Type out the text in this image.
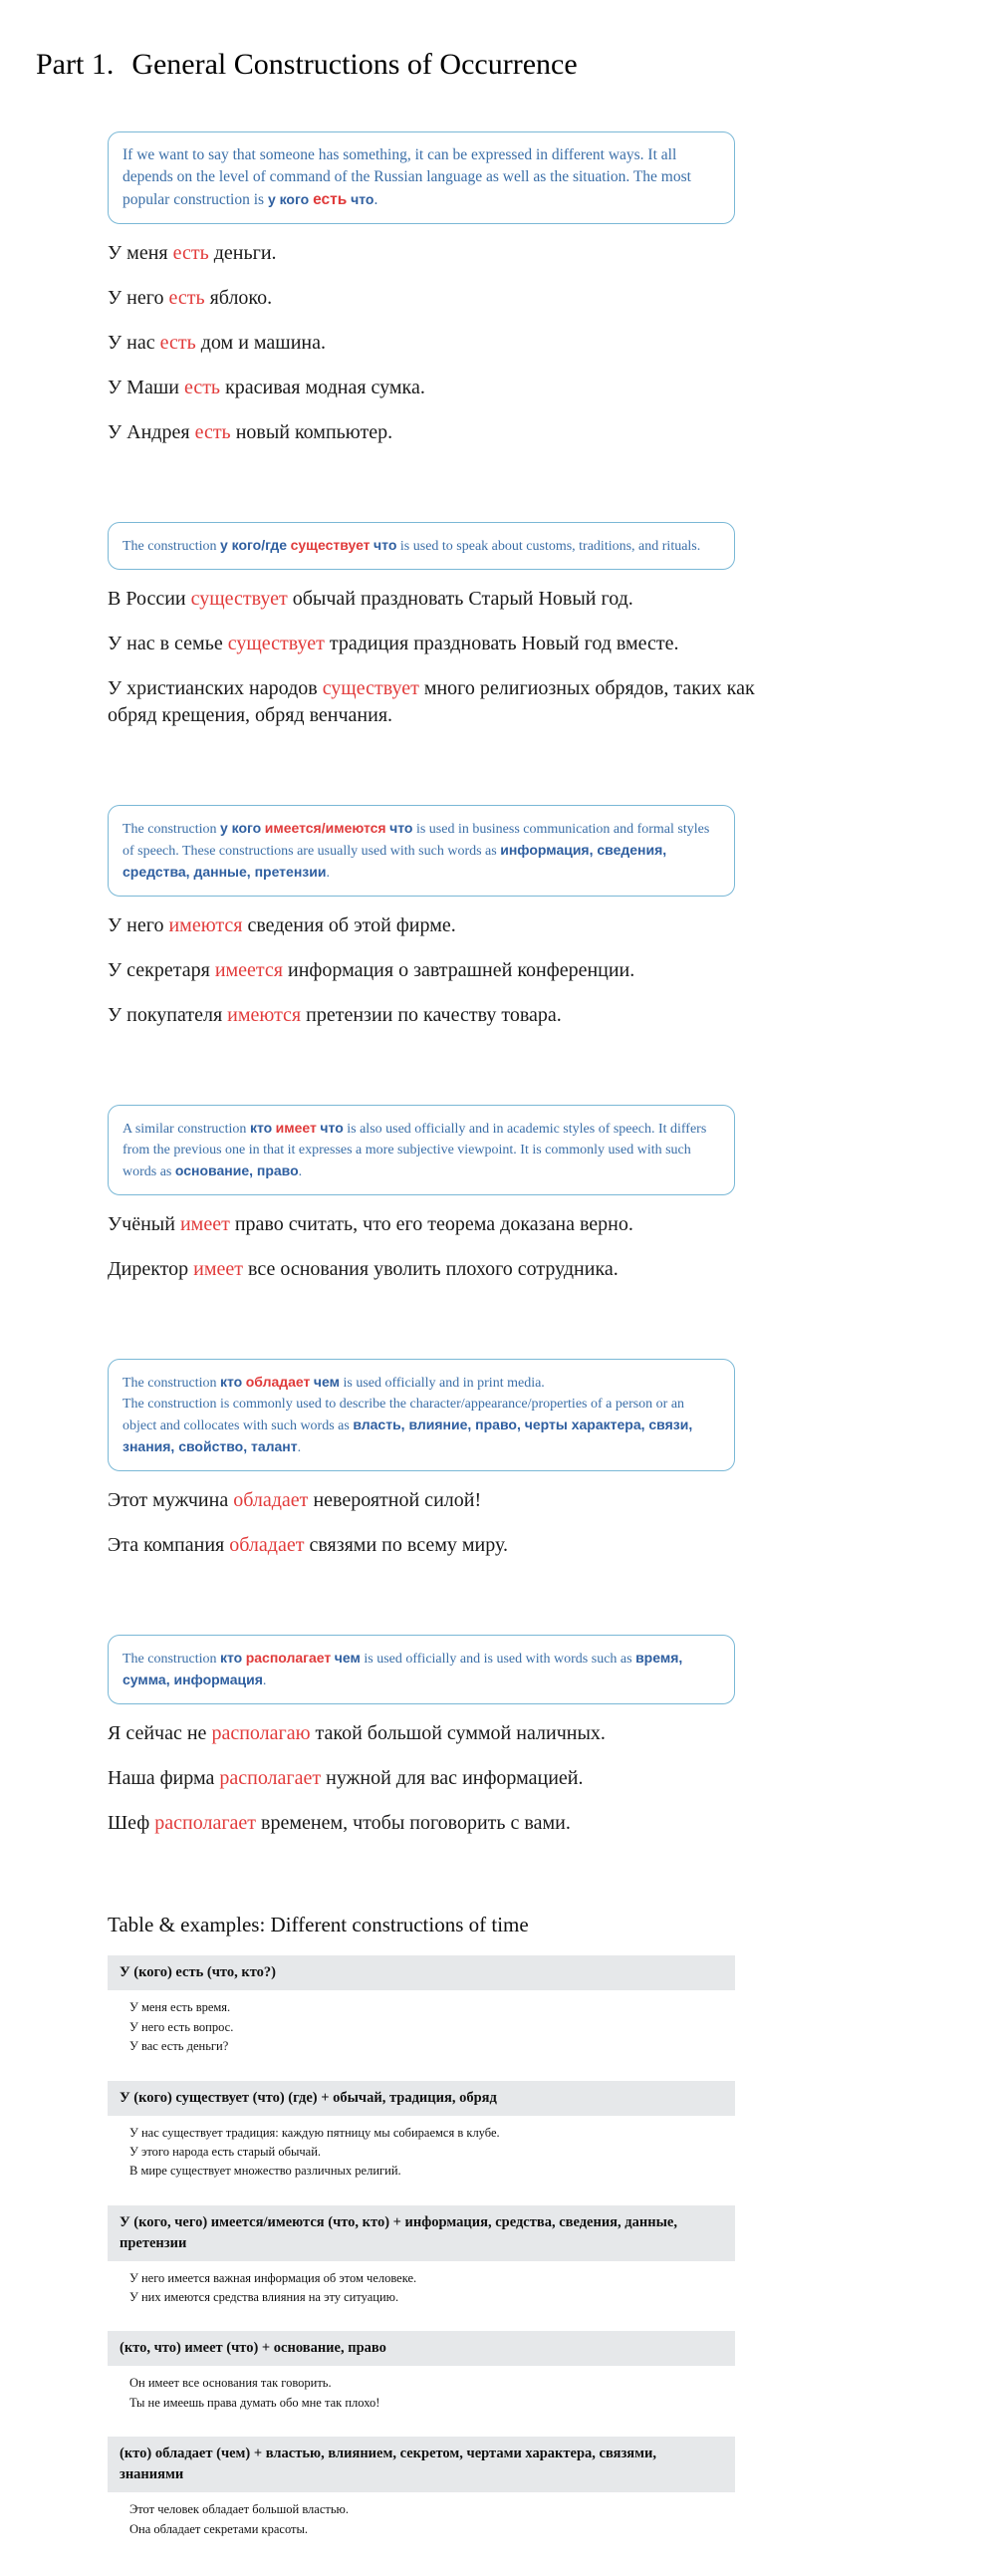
Part 1. General Constructions of Occurrence

If we want to say that someone has something, it can be expressed in different ways. It all depends on the level of command of the Russian language as well as the situation. The most popular construction is у кого есть что.
У меня есть деньги.
У него есть яблоко.
У нас есть дом и машина.
У Маши есть красивая модная сумка.
У Андрея есть новый компьютер.
The construction у кого/где существует что is used to speak about customs, traditions, and rituals.
В России существует обычай праздновать Старый Новый год.
У нас в семье существует традиция праздновать Новый год вместе.
У христианских народов существует много религиозных обрядов, таких как обряд крещения, обряд венчания.
The construction у кого имеется/имеются что is used in business communication and formal styles of speech. These constructions are usually used with such words as информация, сведения, средства, данные, претензии.
У него имеются сведения об этой фирме.
У секретаря имеется информация о завтрашней конференции.
У покупателя имеются претензии по качеству товара.
A similar construction кто имеет что is also used officially and in academic styles of speech. It differs from the previous one in that it expresses a more subjective viewpoint. It is commonly used with such words as основание, право.
Учёный имеет право считать, что его теорема доказана верно.
Директор имеет все основания уволить плохого сотрудника.
The construction кто обладает чем is used officially and in print media.
The construction is commonly used to describe the character/appearance/properties of a person or an object and collocates with such words as власть, влияние, право, черты характера, связи, знания, свойство, талант.
Этот мужчина обладает невероятной силой!
Эта компания обладает связями по всему миру.
The construction кто располагает чем is used officially and is used with words such as время, сумма, информация.
Я сейчас не располагаю такой большой суммой наличных.
Наша фирма располагает нужной для вас информацией.
Шеф располагает временем, чтобы поговорить с вами.
Table & examples: Different constructions of time
У (кого) есть (что, кто?)
У меня есть время.
У него есть вопрос.
У вас есть деньги?
У (кого) существует (что) (где) + обычай, традиция, обряд
У нас существует традиция: каждую пятницу мы собираемся в клубе.
У этого народа есть старый обычай.
В мире существует множество различных религий.
У (кого, чего) имеется/имеются (что, кто) + информация, средства, сведения, данные, претензии
У него имеется важная информация об этом человеке.
У них имеются средства влияния на эту ситуацию.
(кто, что) имеет (что) + основание, право
Он имеет все основания так говорить.
Ты не имеешь права думать обо мне так плохо!
(кто) обладает (чем) + властью, влиянием, секретом, чертами характера, связями, знаниями
Этот человек обладает большой властью.
Она обладает секретами красоты.
